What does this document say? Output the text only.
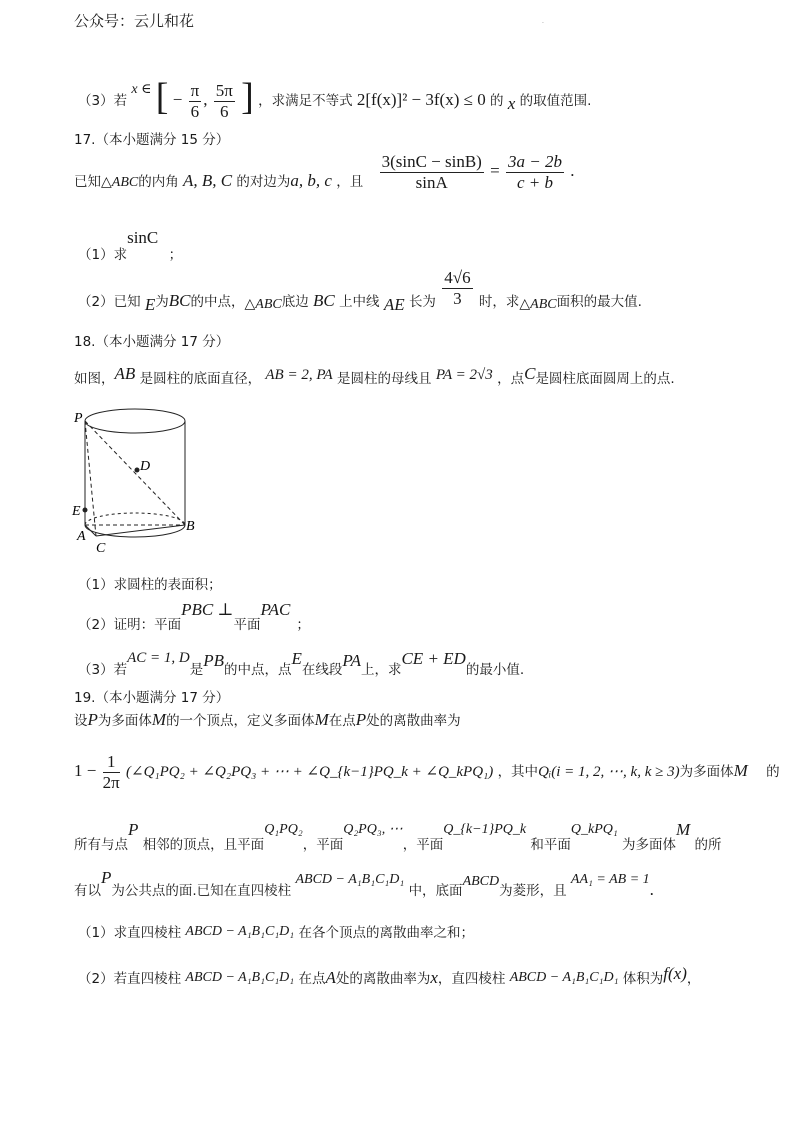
公众号：云儿和花	.
（3）若 x ∈ [ − $\frac{\pi}{6}$ , $\frac{5\pi}{6}$ ] ，求满足不等式 2[f(x)]² − 3f(x) ≤ 0 的 x 的取值范围.
17.（本小题满分 15 分）
已知△ABC的内角 A, B, C 的对边为a, b, c ，且 $\frac{3(\sin C - \sin B)}{\sin A} = \frac{3a - 2b}{c + b}$ .
（1）求sinC ；
（2）已知 E为BC的中点，△ABC底边 BC 上中线 AE 长为 $\frac{4√6}{3}$ 时，求△ABC面积的最大值.
18.（本小题满分 17 分）
如图，AB 是圆柱的底面直径， AB = 2, PA 是圆柱的母线且 PA = 2√3 ，点C是圆柱底面圆周上的点.
P
D
E
A
B
C
（1）求圆柱的表面积；
（2）证明：平面PBC ⊥平面PAC；
（3）若AC = 1, D是PB的中点，点E在线段PA上，求CE + ED的最小值.
19.（本小题满分 17 分）
设P为多面体M的一个顶点，定义多面体M在点P处的离散曲率为
$1 - \frac{1}{2\pi}$ (∠Q₁PQ₂ + ∠Q₂PQ₃ + ⋯ + ∠Q_{k−1}PQ_k + ∠Q_kPQ₁) ，其中Qᵢ(i = 1, 2, ⋯, k, k ≥ 3)为多面体M 的
所有与点P 相邻的顶点，且平面Q₁PQ₂，平面Q₂PQ₃, ⋯，平面Q_{k−1}PQ_k 和平面Q_kPQ₁ 为多面体M 的所
有以P为公共点的面.已知在直四棱柱 ABCD − A₁B₁C₁D₁ 中，底面ABCD为菱形，且 AA₁ = AB = 1.
（1）求直四棱柱 ABCD − A₁B₁C₁D₁ 在各个顶点的离散曲率之和；
（2）若直四棱柱 ABCD − A₁B₁C₁D₁ 在点A处的离散曲率为x，直四棱柱 ABCD − A₁B₁C₁D₁ 体积为f(x)，
